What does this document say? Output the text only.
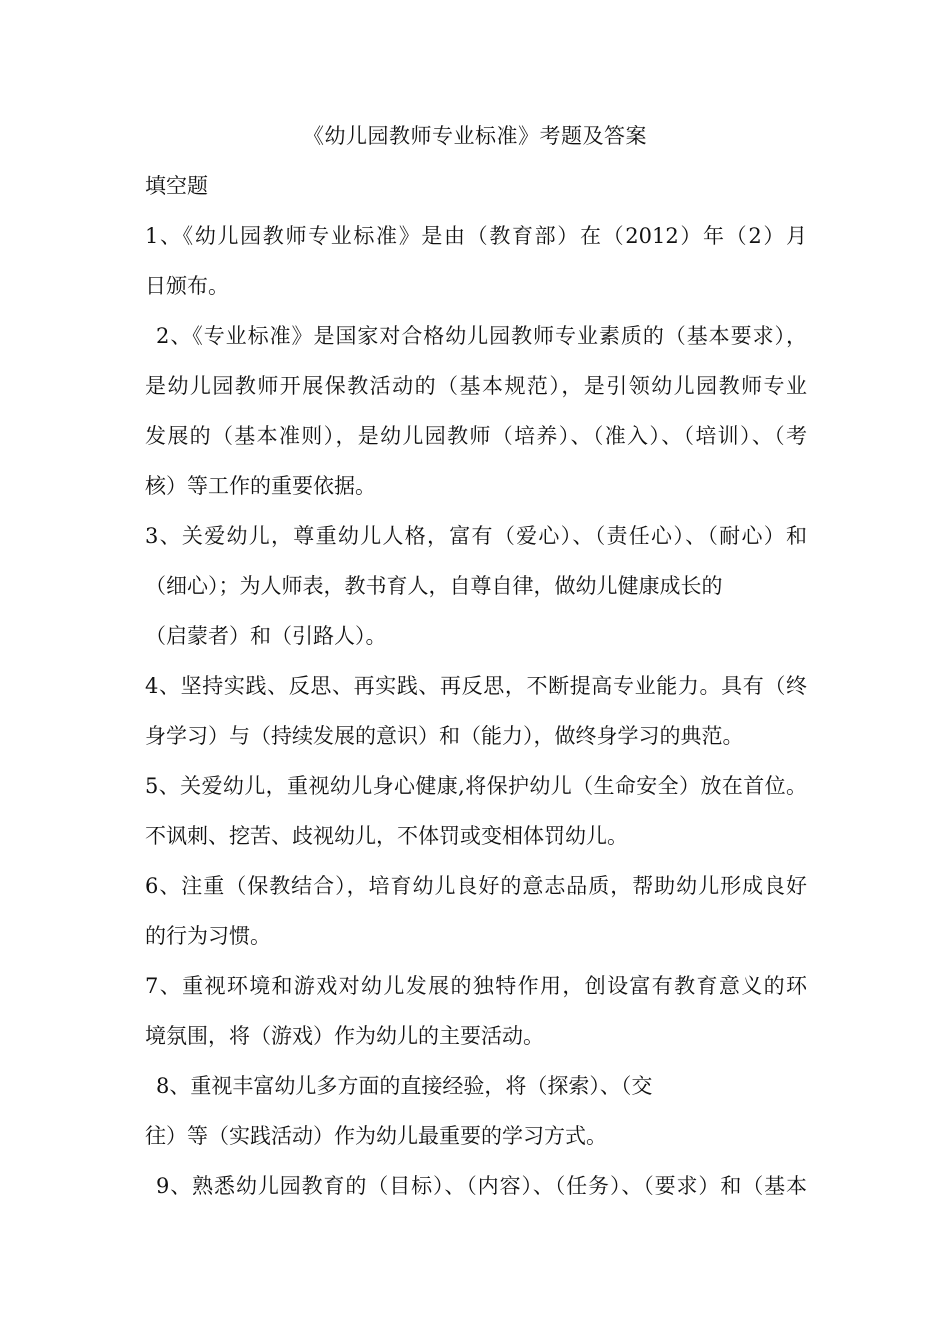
《幼儿园教师专业标准》考题及答案
填空题
1、《幼儿园教师专业标准》是由（教育部）在（2012）年（2）月
日颁布。
2、《专业标准》是国家对合格幼儿园教师专业素质的（基本要求），
是幼儿园教师开展保教活动的（基本规范），是引领幼儿园教师专业
发展的（基本准则），是幼儿园教师（培养）、（准入）、（培训）、（考
核）等工作的重要依据。
3、关爱幼儿，尊重幼儿人格，富有（爱心）、（责任心）、（耐心）和
（细心）；为人师表，教书育人，自尊自律，做幼儿健康成长的
（启蒙者）和（引路人）。
4、坚持实践、反思、再实践、再反思，不断提高专业能力。具有（终
身学习）与（持续发展的意识）和（能力），做终身学习的典范。
5、关爱幼儿，重视幼儿身心健康,将保护幼儿（生命安全）放在首位。
不讽刺、挖苦、歧视幼儿，不体罚或变相体罚幼儿。
6、注重（保教结合），培育幼儿良好的意志品质，帮助幼儿形成良好
的行为习惯。
7、重视环境和游戏对幼儿发展的独特作用，创设富有教育意义的环
境氛围，将（游戏）作为幼儿的主要活动。
8、重视丰富幼儿多方面的直接经验，将（探索）、（交
往）等（实践活动）作为幼儿最重要的学习方式。
9、熟悉幼儿园教育的（目标）、（内容）、（任务）、（要求）和（基本
